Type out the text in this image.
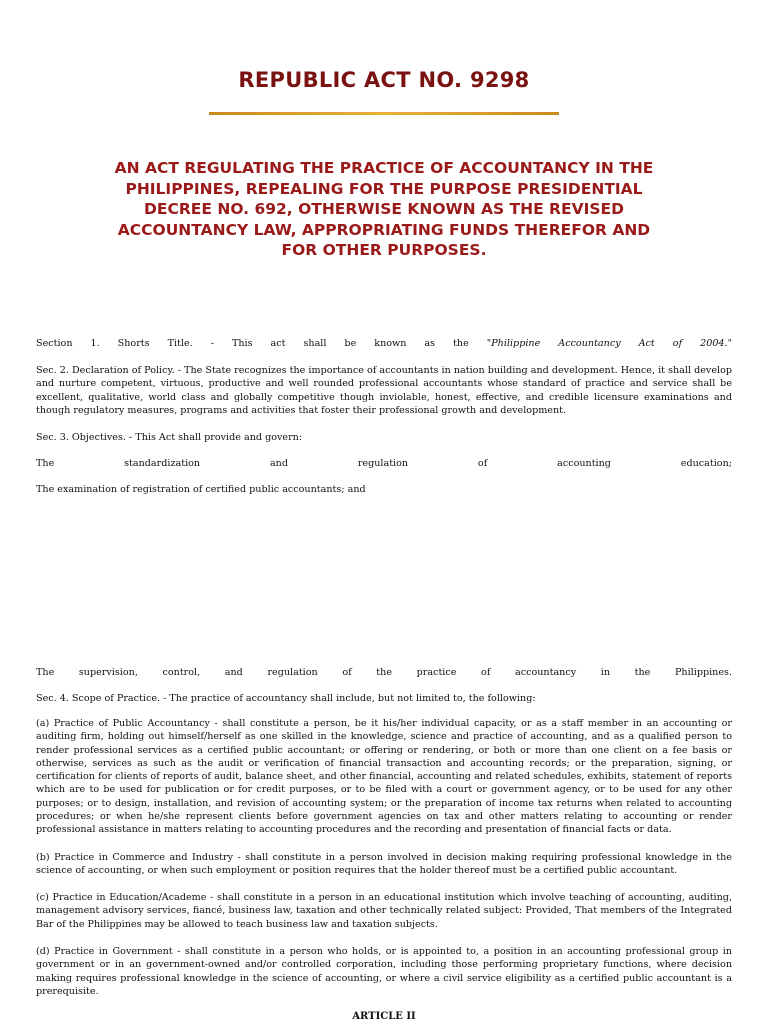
REPUBLIC ACT NO. 9298
AN ACT REGULATING THE PRACTICE OF ACCOUNTANCY IN THE PHILIPPINES, REPEALING FOR THE PURPOSE PRESIDENTIAL DECREE NO. 692, OTHERWISE KNOWN AS THE REVISED ACCOUNTANCY LAW, APPROPRIATING FUNDS THEREFOR AND FOR OTHER PURPOSES.

Section 1. Shorts Title. - This act shall be known as the "Philippine Accountancy Act of 2004."

Sec. 2. Declaration of Policy. - The State recognizes the importance of accountants in nation building and development. Hence, it shall develop and nurture competent, virtuous, productive and well rounded professional accountants whose standard of practice and service shall be excellent, qualitative, world class and globally competitive though inviolable, honest, effective, and credible licensure examinations and though regulatory measures, programs and activities that foster their professional growth and development.

Sec. 3. Objectives. - This Act shall provide and govern:

The standardization and regulation of accounting education;

The examination of registration of certified public accountants; and

The supervision, control, and regulation of the practice of accountancy in the Philippines.

Sec. 4. Scope of Practice. - The practice of accountancy shall include, but not limited to, the following:

(a) Practice of Public Accountancy - shall constitute a person, be it his/her individual capacity, or as a staff member in an accounting or auditing firm, holding out himself/herself as one skilled in the knowledge, science and practice of accounting, and as a qualified person to render professional services as a certified public accountant; or offering or rendering, or both or more than one client on a fee basis or otherwise, services as such as the audit or verification of financial transaction and accounting records; or the preparation, signing, or certification for clients of reports of audit, balance sheet, and other financial, accounting and related schedules, exhibits, statement of reports which are to be used for publication or for credit purposes, or to be filed with a court or government agency, or to be used for any other purposes; or to design, installation, and revision of accounting system; or the preparation of income tax returns when related to accounting procedures; or when he/she represent clients before government agencies on tax and other matters relating to accounting or render professional assistance in matters relating to accounting procedures and the recording and presentation of financial facts or data.

(b) Practice in Commerce and Industry - shall constitute in a person involved in decision making requiring professional knowledge in the science of accounting, or when such employment or position requires that the holder thereof must be a certified public accountant.

(c) Practice in Education/Academe - shall constitute in a person in an educational institution which involve teaching of accounting, auditing, management advisory services, fiancé, business law, taxation and other technically related subject: Provided, That members of the Integrated Bar of the Philippines may be allowed to teach business law and taxation subjects.

(d) Practice in Government - shall constitute in a person who holds, or is appointed to, a position in an accounting professional group in government or in an government-owned and/or controlled corporation, including those performing proprietary functions, where decision making requires professional knowledge in the science of accounting, or where a civil service eligibility as a certified public accountant is a prerequisite.

ARTICLE II
